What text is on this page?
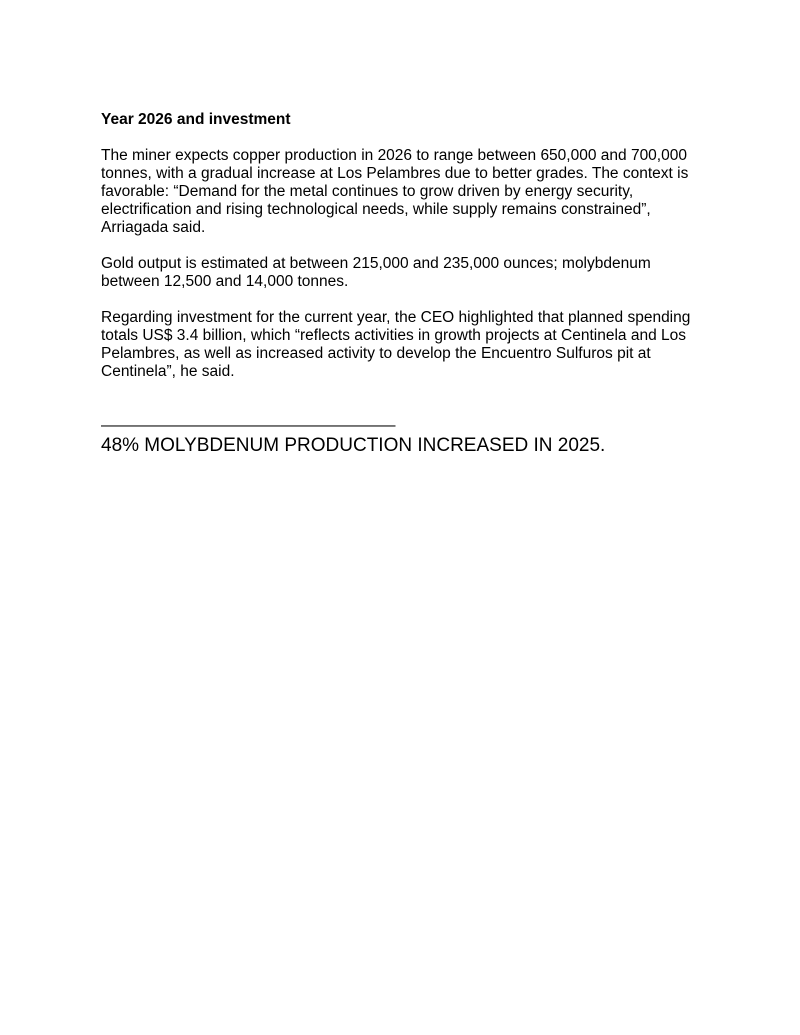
Year 2026 and investment
The miner expects copper production in 2026 to range between 650,000 and 700,000
tonnes, with a gradual increase at Los Pelambres due to better grades. The context is
favorable: “Demand for the metal continues to grow driven by energy security,
electrification and rising technological needs, while supply remains constrained”,
Arriagada said.
Gold output is estimated at between 215,000 and 235,000 ounces; molybdenum
between 12,500 and 14,000 tonnes.
Regarding investment for the current year, the CEO highlighted that planned spending
totals US$ 3.4 billion, which “reflects activities in growth projects at Centinela and Los
Pelambres, as well as increased activity to develop the Encuentro Sulfuros pit at
Centinela”, he said.
———————————————————
48% MOLYBDENUM PRODUCTION INCREASED IN 2025.
